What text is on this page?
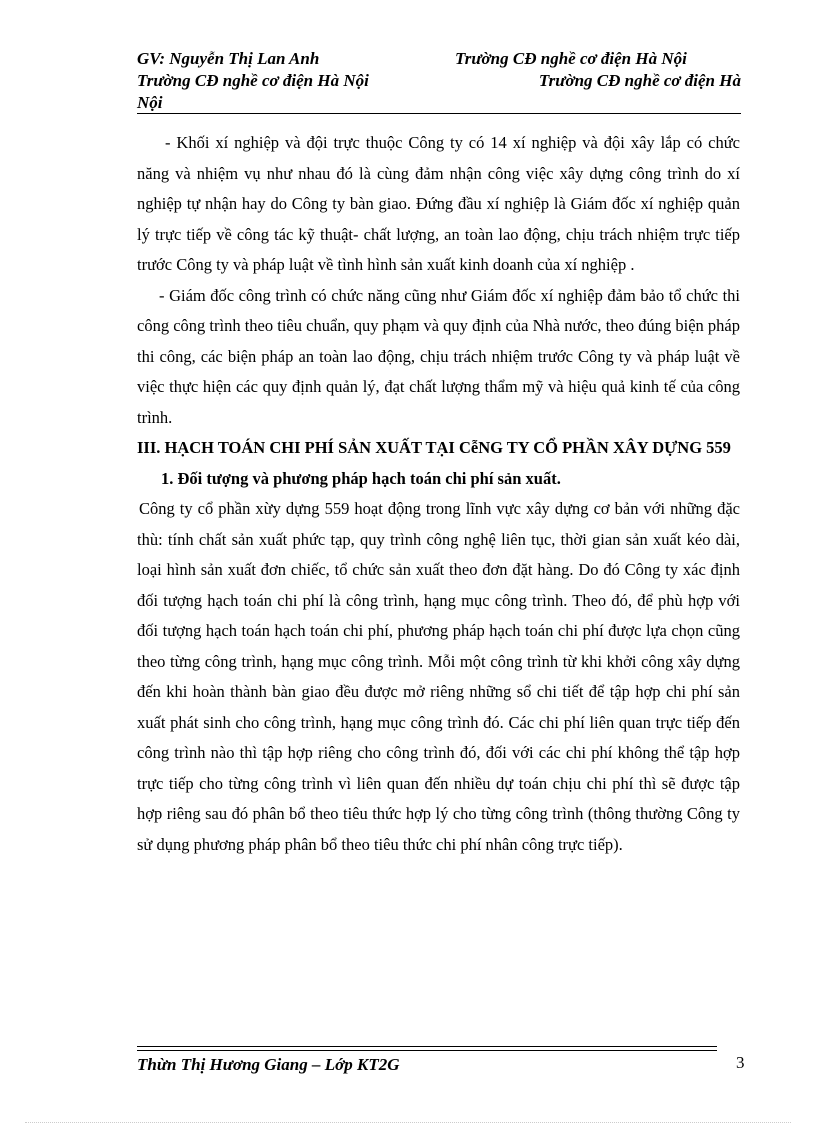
GV: Nguyễn Thị Lan Anh	Trường CĐ nghề cơ điện Hà Nội
Trường CĐ nghề cơ điện Hà Nội	Trường CĐ nghề cơ điện Hà
Nội

- Khối xí nghiệp và đội trực thuộc Công ty có 14 xí nghiệp và đội xây lắp có chức năng và nhiệm vụ như nhau đó là cùng đảm nhận công việc xây dựng công trình do xí nghiệp tự nhận hay do Công ty bàn giao. Đứng đầu xí nghiệp là Giám đốc xí nghiệp quản lý trực tiếp về công tác kỹ thuật- chất lượng, an toàn lao động, chịu trách nhiệm trực tiếp trước Công ty và pháp luật về tình hình sản xuất kinh doanh của xí nghiệp .

- Giám đốc công trình có chức năng cũng như Giám đốc xí nghiệp đảm bảo tổ chức thi công công trình theo tiêu chuẩn, quy phạm và quy định của Nhà nước, theo đúng biện pháp thi công, các biện pháp an toàn lao động, chịu trách nhiệm trước Công ty và pháp luật về việc thực hiện các quy định quản lý, đạt chất lượng thẩm mỹ và hiệu quả kinh tế của công trình.

III. HẠCH TOÁN CHI PHÍ SẢN XUẤT TẠI CễNG TY CỔ PHẦN XÂY DỰNG 559

1. Đối tượng và phương pháp hạch toán chi phí sản xuất.

Công ty cổ phần xừy dựng 559 hoạt động trong lĩnh vực xây dựng cơ bản với những đặc thù: tính chất sản xuất phức tạp, quy trình công nghệ liên tục, thời gian sản xuất kéo dài, loại hình sản xuất đơn chiếc, tổ chức sản xuất theo đơn đặt hàng. Do đó Công ty xác định đối tượng hạch toán chi phí là công trình, hạng mục công trình. Theo đó, để phù hợp với đối tượng hạch toán hạch toán chi phí, phương pháp hạch toán chi phí được lựa chọn cũng theo từng công trình, hạng mục công trình. Mỗi một công trình từ khi khởi công xây dựng đến khi hoàn thành bàn giao đều được mở riêng những sổ chi tiết để tập hợp chi phí sản xuất phát sinh cho công trình, hạng mục công trình đó. Các chi phí liên quan trực tiếp đến công trình nào thì tập hợp riêng cho công trình đó, đối với các chi phí không thể tập hợp trực tiếp cho từng công trình vì liên quan đến nhiều dự toán chịu chi phí thì sẽ được tập hợp riêng sau đó phân bổ theo tiêu thức hợp lý cho từng công trình (thông thường Công ty sử dụng phương pháp phân bổ theo tiêu thức chi phí nhân công trực tiếp).

Thừn Thị Hương Giang – Lớp KT2G	3
